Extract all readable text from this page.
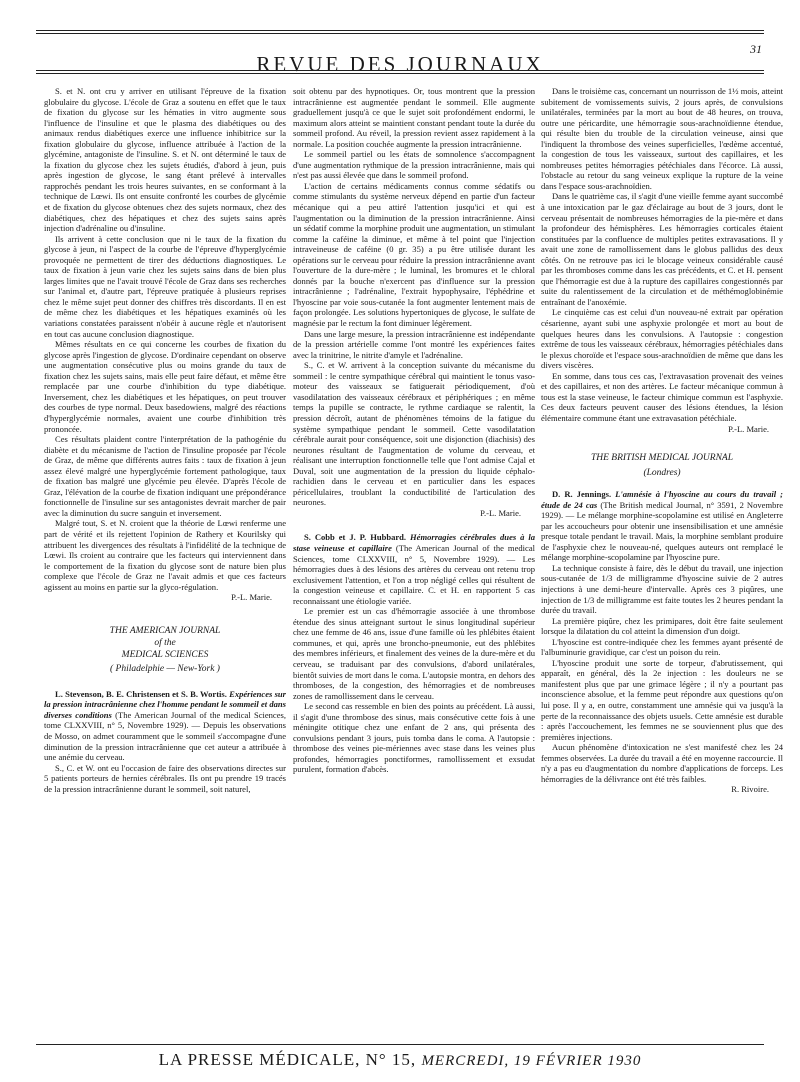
REVUE DES JOURNAUX
31

S. et N. ont cru y arriver en utilisant l'épreuve de la fixation globulaire du glycose. L'école de Graz a soutenu en effet que le taux de fixation du glycose sur les hématies in vitro augmente sous l'influence de l'insuline et que le plasma des diabétiques ou des animaux rendus diabétiques exerce une influence inhibitrice sur la fixation globulaire du glycose, influence attribuée à l'action de la glycémine, antagoniste de l'insuline. S. et N. ont déterminé le taux de la fixation du glycose chez les sujets étudiés, d'abord à jeun, puis après ingestion de glycose, le sang étant prélevé à intervalles rapprochés pendant les trois heures suivantes, en se conformant à la technique de Lœwi. Ils ont ensuite confronté les courbes de glycémie et de fixation du glycose obtenues chez des sujets normaux, chez des diabétiques, chez des hépatiques et chez des sujets sains après injection d'adrénaline ou d'insuline.

Ils arrivent à cette conclusion que ni le taux de la fixation du glycose à jeun, ni l'aspect de la courbe de l'épreuve d'hyperglycémie provoquée ne permettent de tirer des déductions diagnostiques. Le taux de fixation à jeun varie chez les sujets sains dans de bien plus larges limites que ne l'avait trouvé l'école de Graz dans ses recherches sur l'animal et, d'autre part, l'épreuve pratiquée à plusieurs reprises chez le même sujet peut donner des chiffres très discordants. Il en est de même chez les diabétiques et les hépatiques examinés où les variations constatées paraissent n'obéir à aucune règle et n'autorisent en tout cas aucune conclusion diagnostique.

Mêmes résultats en ce qui concerne les courbes de fixation du glycose après l'ingestion de glycose. D'ordinaire cependant on observe une augmentation consécutive plus ou moins grande du taux de fixation chez les sujets sains, mais elle peut faire défaut, et même être remplacée par une courbe d'inhibition du type diabétique. Inversement, chez les diabétiques et les hépatiques, on peut trouver des courbes de type normal. Deux basedowiens, malgré des réactions d'hyperglycémie normales, avaient une courbe d'inhibition très prononcée.

Ces résultats plaident contre l'interprétation de la pathogénie du diabète et du mécanisme de l'action de l'insuline proposée par l'école de Graz, de même que différents autres faits : taux de fixation à jeun assez élevé malgré une hyperglycémie fortement pathologique, taux de fixation bas malgré une glycémie peu élevée. D'après l'école de Graz, l'élévation de la courbe de fixation indiquant une prépondérance fonctionnelle de l'insuline sur ses antagonistes devrait marcher de pair avec la diminution du sucre sanguin et inversement.

Malgré tout, S. et N. croient que la théorie de Lœwi renferme une part de vérité et ils rejettent l'opinion de Rathery et Kourilsky qui attribuent les divergences des résultats à l'infidélité de la technique de Lœwi. Ils croient au contraire que les facteurs qui interviennent dans le comportement de la fixation du glycose sont de nature bien plus complexe que l'école de Graz ne l'avait admis et que ces facteurs agissent au moins en partie sur la glyco-régulation.

P.-L. Marie.

THE AMERICAN JOURNAL

of the

MEDICAL SCIENCES

( Philadelphie — New-York )

L. Stevenson, B. E. Christensen et S. B. Wortis. Expériences sur la pression intracrânienne chez l'homme pendant le sommeil et dans diverses conditions (The American Journal of the medical Sciences, tome CLXXVIII, n° 5, Novembre 1929). — Depuis les observations de Mosso, on admet couramment que le sommeil s'accompagne d'une diminution de la pression intracrânienne que cet auteur a attribuée à une anémie du cerveau.

S., C. et W. ont eu l'occasion de faire des observations directes sur 5 patients porteurs de hernies cérébrales. Ils ont pu prendre 19 tracés de la pression intracrânienne durant le sommeil, soit naturel,

soit obtenu par des hypnotiques. Or, tous montrent que la pression intracrânienne est augmentée pendant le sommeil. Elle augmente graduellement jusqu'à ce que le sujet soit profondément endormi, le maximum alors atteint se maintient constant pendant toute la durée du sommeil profond. Au réveil, la pression revient assez rapidement à la normale. La position couchée augmente la pression intracrânienne.

Le sommeil partiel ou les états de somnolence s'accompagnent d'une augmentation rythmique de la pression intracrânienne, mais qui n'est pas aussi élevée que dans le sommeil profond.

L'action de certains médicaments connus comme sédatifs ou comme stimulants du système nerveux dépend en partie d'un facteur mécanique qui a peu attiré l'attention jusqu'ici et qui est l'augmentation ou la diminution de la pression intracrânienne. Ainsi un sédatif comme la morphine produit une augmentation, un stimulant comme la caféine la diminue, et même à tel point que l'injection intraveineuse de caféine (0 gr. 35) a pu être utilisée durant les opérations sur le cerveau pour réduire la pression intracrânienne avant l'ouverture de la dure-mère ; le luminal, les bromures et le chloral donnés par la bouche n'exercent pas d'influence sur la pression intracrânienne ; l'adrénaline, l'extrait hypophysaire, l'éphédrine et l'hyoscine par voie sous-cutanée la font augmenter lentement mais de façon prolongée. Les solutions hypertoniques de glycose, le sulfate de magnésie par le rectum la font diminuer légèrement.

Dans une large mesure, la pression intracrânienne est indépendante de la pression artérielle comme l'ont montré les expériences faites avec la trinitrine, le nitrite d'amyle et l'adrénaline.

S., C. et W. arrivent à la conception suivante du mécanisme du sommeil : le centre sympathique cérébral qui maintient le tonus vaso-moteur des vaisseaux se fatiguerait périodiquement, d'où vasodilatation des vaisseaux cérébraux et périphériques ; en même temps la pupille se contracte, le rythme cardiaque se ralentit, la pression décroît, autant de phénomènes témoins de la fatigue du système sympathique pendant le sommeil. Cette vasodilatation cérébrale aurait pour conséquence, soit une disjonction (diachisis) des neurones résultant de l'augmentation de volume du cerveau, et réalisant une interruption fonctionnelle telle que l'ont admise Cajal et Duval, soit une augmentation de la pression du liquide céphalo-rachidien dans le cerveau et en particulier dans les espaces péricellulaires, troublant la conductibilité de l'articulation des neurones.

P.-L. Marie.

S. Cobb et J. P. Hubbard. Hémorragies cérébrales dues à la stase veineuse et capillaire (The American Journal of the medical Sciences, tome CLXXVIII, n° 5, Novembre 1929). — Les hémorragies dues à des lésions des artères du cerveau ont retenu trop exclusivement l'attention, et l'on a trop négligé celles qui résultent de la congestion veineuse et capillaire. C. et H. en rapportent 5 cas reconnaissant une étiologie variée.

Le premier est un cas d'hémorragie associée à une thrombose étendue des sinus atteignant surtout le sinus longitudinal supérieur chez une femme de 46 ans, issue d'une famille où les phlébites étaient communes, et qui, après une broncho-pneumonie, eut des phlébites des membres inférieurs, et finalement des veines de la dure-mère et du cerveau, se traduisant par des convulsions, d'abord unilatérales, bientôt suivies de mort dans le coma. L'autopsie montra, en dehors des thromboses, de la congestion, des hémorragies et de nombreuses zones de ramollissement dans le cerveau.

Le second cas ressemble en bien des points au précédent. Là aussi, il s'agit d'une thrombose des sinus, mais consécutive cette fois à une méningite otitique chez une enfant de 2 ans, qui présenta des convulsions pendant 3 jours, puis tomba dans le coma. A l'autopsie : thrombose des veines pie-mériennes avec stase dans les veines plus profondes, hémorragies ponctiformes, ramollissement et exsudat purulent, formation d'abcès.

Dans le troisième cas, concernant un nourrisson de 1½ mois, atteint subitement de vomissements suivis, 2 jours après, de convulsions unilatérales, terminées par la mort au bout de 48 heures, on trouva, outre une péricardite, une hémorragie sous-arachnoïdienne étendue, qui résulte bien du trouble de la circulation veineuse, ainsi que l'indiquent la thrombose des veines superficielles, l'œdème accentué, la congestion de tous les vaisseaux, surtout des capillaires, et les nombreuses petites hémorragies pétéchiales dans l'écorce. Là aussi, l'obstacle au retour du sang veineux explique la rupture de la veine dans l'espace sous-arachnoïdien.

Dans le quatrième cas, il s'agit d'une vieille femme ayant succombé à une intoxication par le gaz d'éclairage au bout de 3 jours, dont le cerveau présentait de nombreuses hémorragies de la pie-mère et dans la profondeur des hémisphères. Les hémorragies corticales étaient constituées par la confluence de multiples petites extravasations. Il y avait une zone de ramollissement dans le globus pallidus des deux côtés. On ne retrouve pas ici le blocage veineux considérable causé par les thromboses comme dans les cas précédents, et C. et H. pensent que l'hémorragie est due à la rupture des capillaires congestionnés par suite du ralentissement de la circulation et de méthémoglobinémie entraînant de l'anoxémie.

Le cinquième cas est celui d'un nouveau-né extrait par opération césarienne, ayant subi une asphyxie prolongée et mort au bout de quelques heures dans les convulsions. A l'autopsie : congestion extrême de tous les vaisseaux cérébraux, hémorragies pétéchiales dans le plexus choroïde et l'espace sous-arachnoïdien de même que dans les divers viscères.

En somme, dans tous ces cas, l'extravasation provenait des veines et des capillaires, et non des artères. Le facteur mécanique commun à tous est la stase veineuse, le facteur chimique commun est l'asphyxie. Ces deux facteurs peuvent causer des lésions étendues, la lésion élémentaire commune étant une extravasation pétéchiale.

P.-L. Marie.

THE BRITISH MEDICAL JOURNAL

(Londres)

D. R. Jennings. L'amnésie à l'hyoscine au cours du travail ; étude de 24 cas (The British medical Journal, n° 3591, 2 Novembre 1929). — Le mélange morphine-scopolamine est utilisé en Angleterre par les accoucheurs pour obtenir une insensibilisation et une amnésie presque totale pendant le travail. Mais, la morphine semblant produire de l'asphyxie chez le nouveau-né, quelques auteurs ont remplacé le mélange morphine-scopolamine par l'hyoscine pure.

La technique consiste à faire, dès le début du travail, une injection sous-cutanée de 1/3 de milligramme d'hyoscine suivie de 2 autres injections à une demi-heure d'intervalle. Après ces 3 piqûres, une injection de 1/3 de milligramme est faite toutes les 2 heures pendant la durée du travail.

La première piqûre, chez les primipares, doit être faite seulement lorsque la dilatation du col atteint la dimension d'un doigt.

L'hyoscine est contre-indiquée chez les femmes ayant présenté de l'albuminurie gravidique, car c'est un poison du rein.

L'hyoscine produit une sorte de torpeur, d'abrutissement, qui apparaît, en général, dès la 2e injection : les douleurs ne se manifestent plus que par une grimace légère ; il n'y a pourtant pas inconscience absolue, et la femme peut répondre aux questions qu'on lui pose. Il y a, en outre, constamment une amnésie qui va jusqu'à la perte de la reconnaissance des objets usuels. Cette amnésie est durable : après l'accouchement, les femmes ne se souviennent plus que des premières injections.

Aucun phénomène d'intoxication ne s'est manifesté chez les 24 femmes observées. La durée du travail a été en moyenne raccourcie. Il n'y a pas eu d'augmentation du nombre d'applications de forceps. Les hémorragies de la délivrance ont été très faibles.

R. Rivoire.

LA PRESSE MÉDICALE, N° 15, MERCREDI, 19 FÉVRIER 1930
